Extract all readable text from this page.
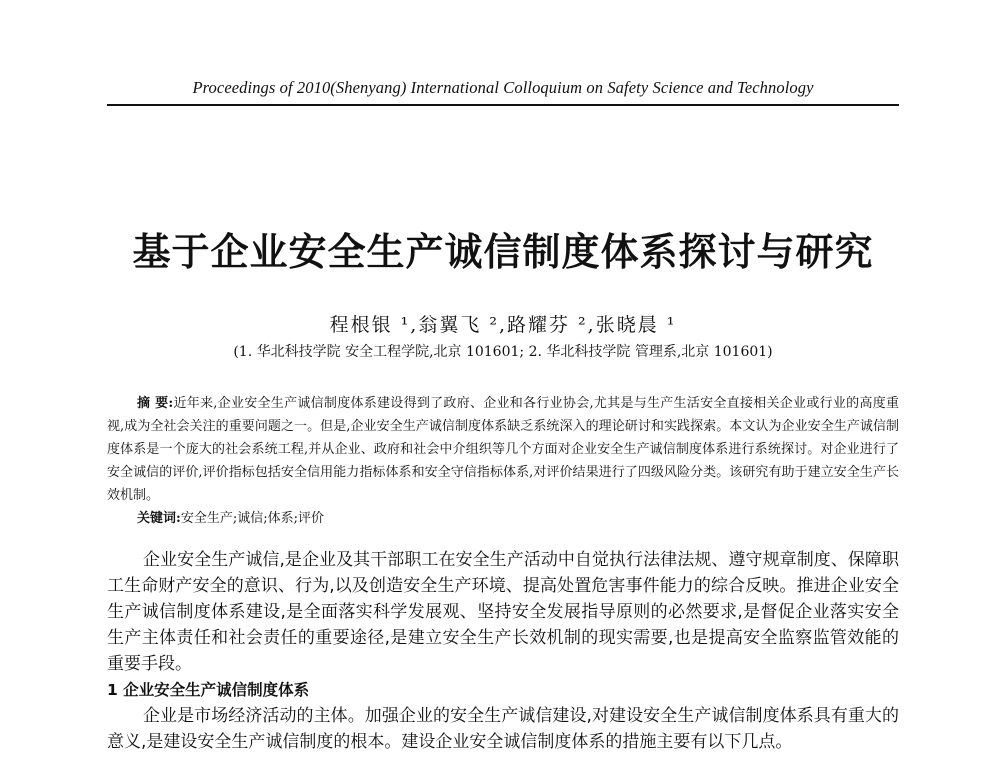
Proceedings of 2010(Shenyang) International Colloquium on Safety Science and Technology
基于企业安全生产诚信制度体系探讨与研究
程根银 ¹,翁翼飞 ²,路耀芬 ²,张晓晨 ¹
(1. 华北科技学院 安全工程学院,北京 101601; 2. 华北科技学院 管理系,北京 101601)

摘 要:近年来,企业安全生产诚信制度体系建设得到了政府、企业和各行业协会,尤其是与生产生活安全直接相关企业或行业的高度重视,成为全社会关注的重要问题之一。但是,企业安全生产诚信制度体系缺乏系统深入的理论研讨和实践探索。本文认为企业安全生产诚信制度体系是一个庞大的社会系统工程,并从企业、政府和社会中介组织等几个方面对企业安全生产诚信制度体系进行系统探讨。对企业进行了安全诚信的评价,评价指标包括安全信用能力指标体系和安全守信指标体系,对评价结果进行了四级风险分类。该研究有助于建立安全生产长效机制。

关键词:安全生产;诚信;体系;评价

企业安全生产诚信,是企业及其干部职工在安全生产活动中自觉执行法律法规、遵守规章制度、保障职工生命财产安全的意识、行为,以及创造安全生产环境、提高处置危害事件能力的综合反映。推进企业安全生产诚信制度体系建设,是全面落实科学发展观、坚持安全发展指导原则的必然要求,是督促企业落实安全生产主体责任和社会责任的重要途径,是建立安全生产长效机制的现实需要,也是提高安全监察监管效能的重要手段。

1 企业安全生产诚信制度体系

企业是市场经济活动的主体。加强企业的安全生产诚信建设,对建设安全生产诚信制度体系具有重大的意义,是建设安全生产诚信制度的根本。建设企业安全诚信制度体系的措施主要有以下几点。
